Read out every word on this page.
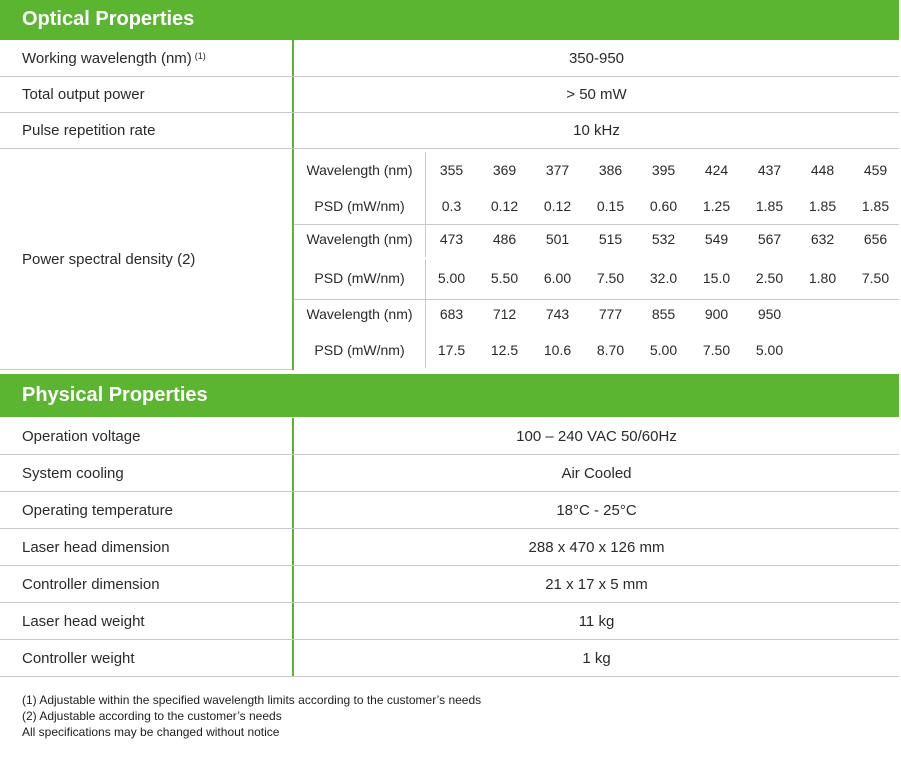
Optical Properties
Working wavelength (nm) $^{(1)}$	350-950
Total output power	> 50 mW
Pulse repetition rate	10 kHz
Power spectral density (2)
Wavelength (nm)	355	369	377	386	395	424	437	448	459
PSD (mW/nm)	0.3	0.12	0.12	0.15	0.60	1.25	1.85	1.85	1.85
Wavelength (nm)	473	486	501	515	532	549	567	632	656
PSD (mW/nm)	5.00	5.50	6.00	7.50	32.0	15.0	2.50	1.80	7.50
Wavelength (nm)	683	712	743	777	855	900	950
PSD (mW/nm)	17.5	12.5	10.6	8.70	5.00	7.50	5.00
Physical Properties
Operation voltage	100 – 240 VAC 50/60Hz
System cooling	Air Cooled
Operating temperature	18°C - 25°C
Laser head dimension	288 x 470 x 126 mm
Controller dimension	21 x 17 x 5 mm
Laser head weight	11 kg
Controller weight	1 kg
(1) Adjustable within the specified wavelength limits according to the customer’s needs
(2) Adjustable according to the customer’s needs
All specifications may be changed without notice
